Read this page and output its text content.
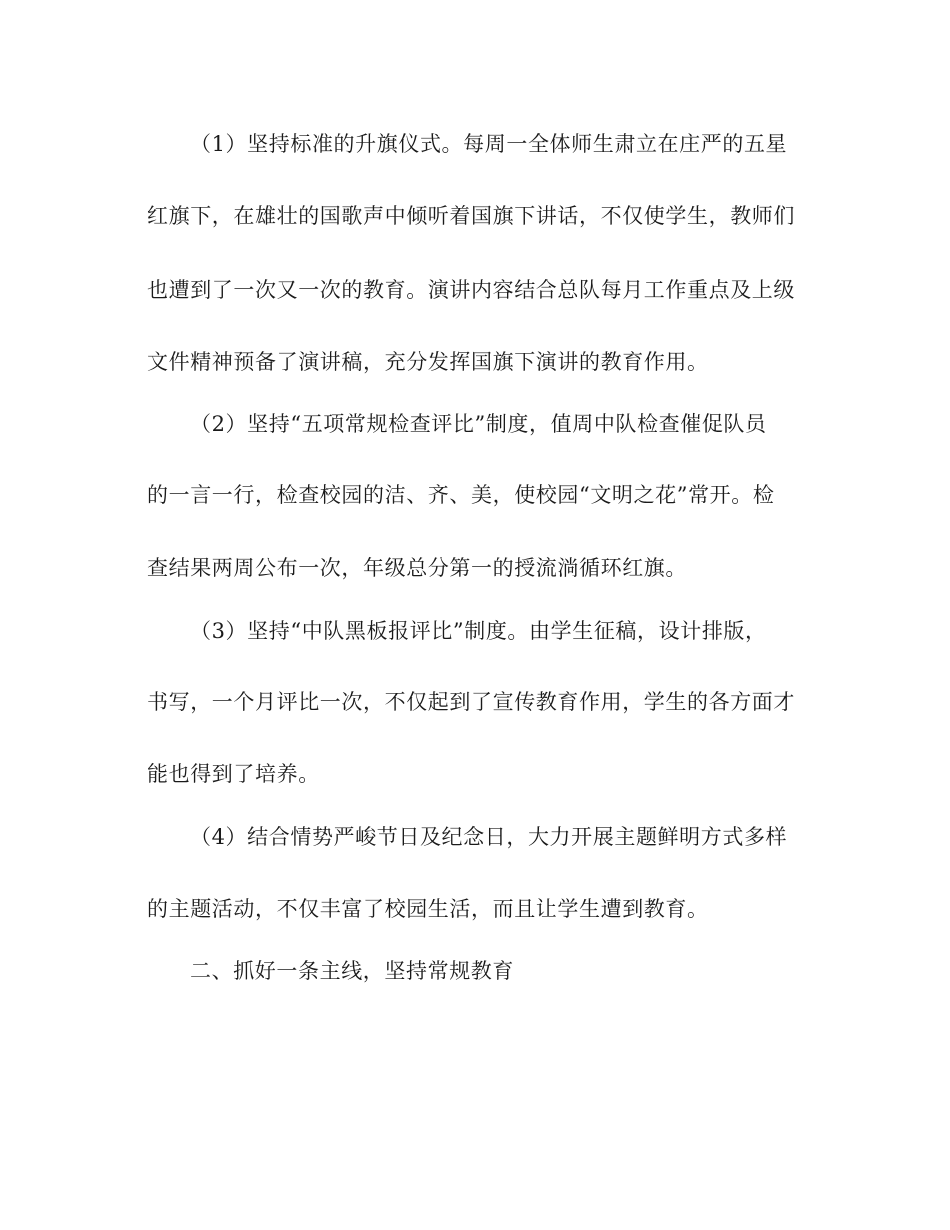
（1）坚持标准的升旗仪式。每周一全体师生肃立在庄严的五星
红旗下，在雄壮的国歌声中倾听着国旗下讲话，不仅使学生，教师们
也遭到了一次又一次的教育。演讲内容结合总队每月工作重点及上级
文件精神预备了演讲稿，充分发挥国旗下演讲的教育作用。
（2）坚持“五项常规检查评比”制度，值周中队检查催促队员
的一言一行，检查校园的洁、齐、美，使校园“文明之花”常开。检
查结果两周公布一次，年级总分第一的授流淌循环红旗。
（3）坚持“中队黑板报评比”制度。由学生征稿，设计排版，
书写，一个月评比一次，不仅起到了宣传教育作用，学生的各方面才
能也得到了培养。
（4）结合情势严峻节日及纪念日，大力开展主题鲜明方式多样
的主题活动，不仅丰富了校园生活，而且让学生遭到教育。
二、抓好一条主线，坚持常规教育
